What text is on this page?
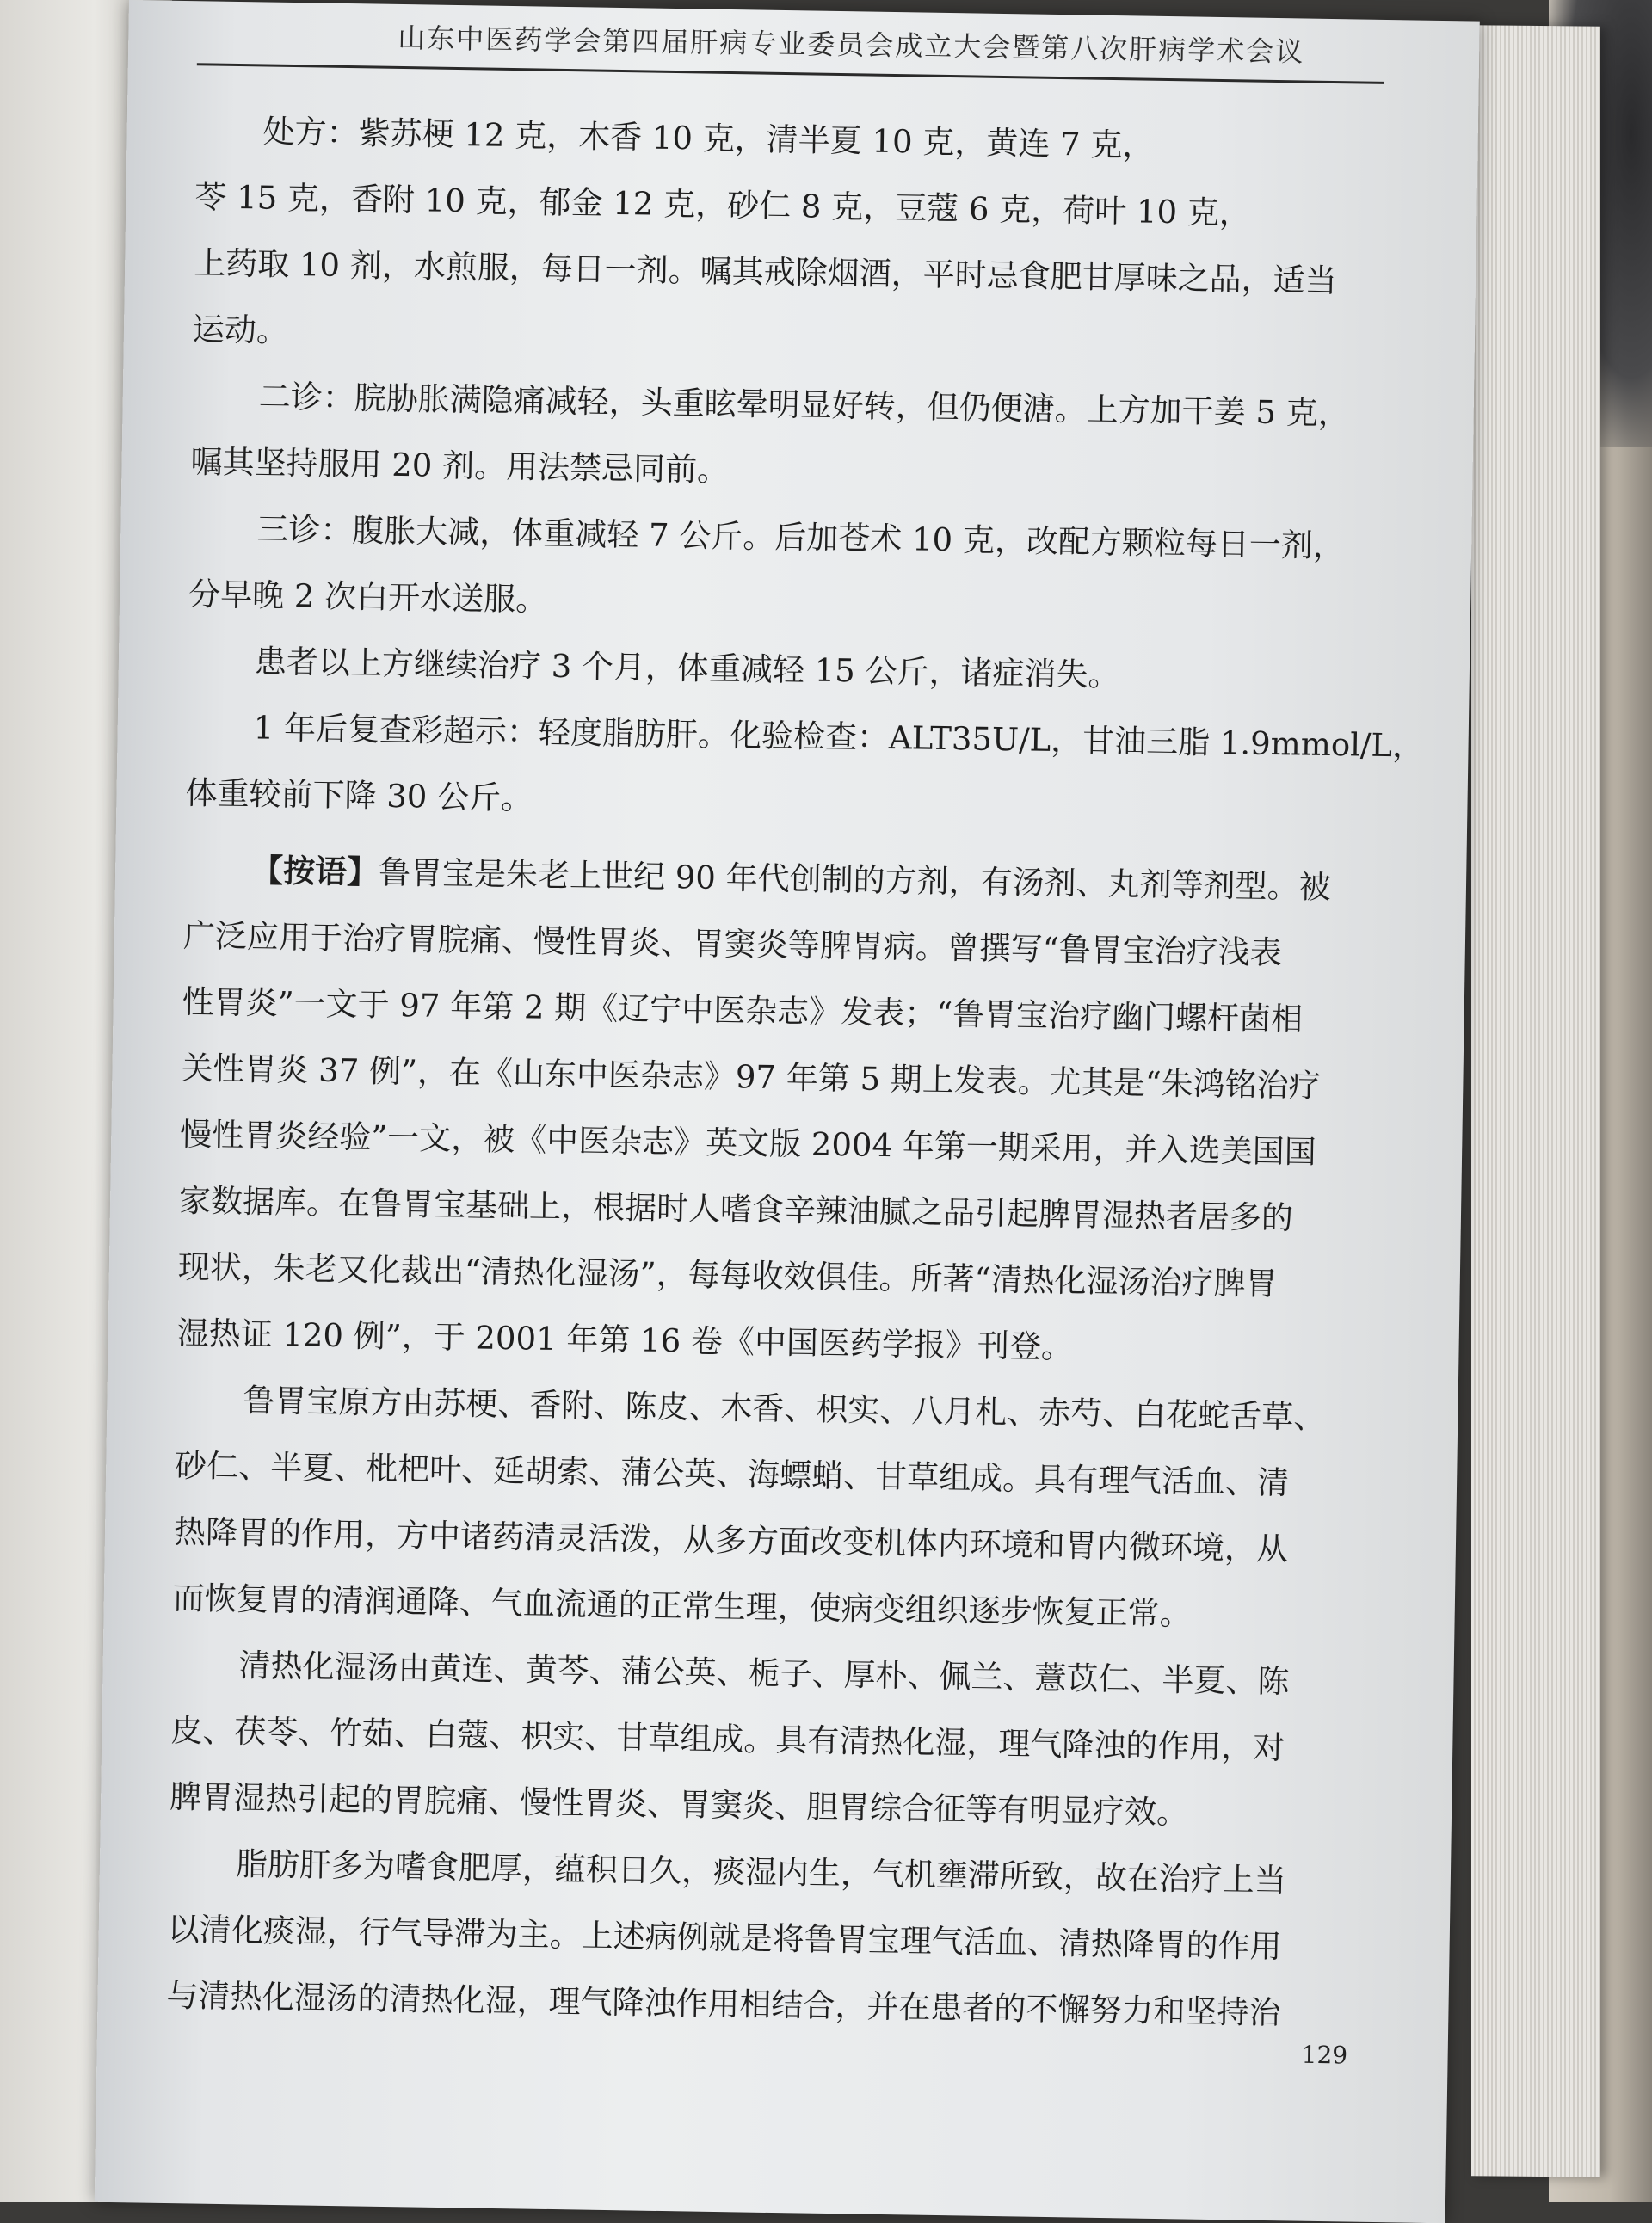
山东中医药学会第四届肝病专业委员会成立大会暨第八次肝病学术会议
处方：紫苏梗 12 克，木香 10 克，清半夏 10 克，黄连 7 克，
苓 15 克，香附 10 克，郁金 12 克，砂仁 8 克，豆蔻 6 克，荷叶 10 克，
上药取 10 剂，水煎服，每日一剂。嘱其戒除烟酒，平时忌食肥甘厚味之品，适当
运动。
二诊：脘胁胀满隐痛减轻，头重眩晕明显好转，但仍便溏。上方加干姜 5 克，
嘱其坚持服用 20 剂。用法禁忌同前。
三诊：腹胀大减，体重减轻 7 公斤。后加苍术 10 克，改配方颗粒每日一剂，
分早晚 2 次白开水送服。
患者以上方继续治疗 3 个月，体重减轻 15 公斤，诸症消失。
1 年后复查彩超示：轻度脂肪肝。化验检查：ALT35U/L，甘油三脂 1.9mmol/L，
体重较前下降 30 公斤。
【按语】鲁胃宝是朱老上世纪 90 年代创制的方剂，有汤剂、丸剂等剂型。被
广泛应用于治疗胃脘痛、慢性胃炎、胃窦炎等脾胃病。曾撰写“鲁胃宝治疗浅表
性胃炎”一文于 97 年第 2 期《辽宁中医杂志》发表；“鲁胃宝治疗幽门螺杆菌相
关性胃炎 37 例”，在《山东中医杂志》97 年第 5 期上发表。尤其是“朱鸿铭治疗
慢性胃炎经验”一文，被《中医杂志》英文版 2004 年第一期采用，并入选美国国
家数据库。在鲁胃宝基础上，根据时人嗜食辛辣油腻之品引起脾胃湿热者居多的
现状，朱老又化裁出“清热化湿汤”，每每收效俱佳。所著“清热化湿汤治疗脾胃
湿热证 120 例”，于 2001 年第 16 卷《中国医药学报》刊登。
鲁胃宝原方由苏梗、香附、陈皮、木香、枳实、八月札、赤芍、白花蛇舌草、
砂仁、半夏、枇杷叶、延胡索、蒲公英、海螵蛸、甘草组成。具有理气活血、清
热降胃的作用，方中诸药清灵活泼，从多方面改变机体内环境和胃内微环境，从
而恢复胃的清润通降、气血流通的正常生理，使病变组织逐步恢复正常。
清热化湿汤由黄连、黄芩、蒲公英、栀子、厚朴、佩兰、薏苡仁、半夏、陈
皮、茯苓、竹茹、白蔻、枳实、甘草组成。具有清热化湿，理气降浊的作用，对
脾胃湿热引起的胃脘痛、慢性胃炎、胃窦炎、胆胃综合征等有明显疗效。
脂肪肝多为嗜食肥厚，蕴积日久，痰湿内生，气机壅滞所致，故在治疗上当
以清化痰湿，行气导滞为主。上述病例就是将鲁胃宝理气活血、清热降胃的作用
与清热化湿汤的清热化湿，理气降浊作用相结合，并在患者的不懈努力和坚持治
129
